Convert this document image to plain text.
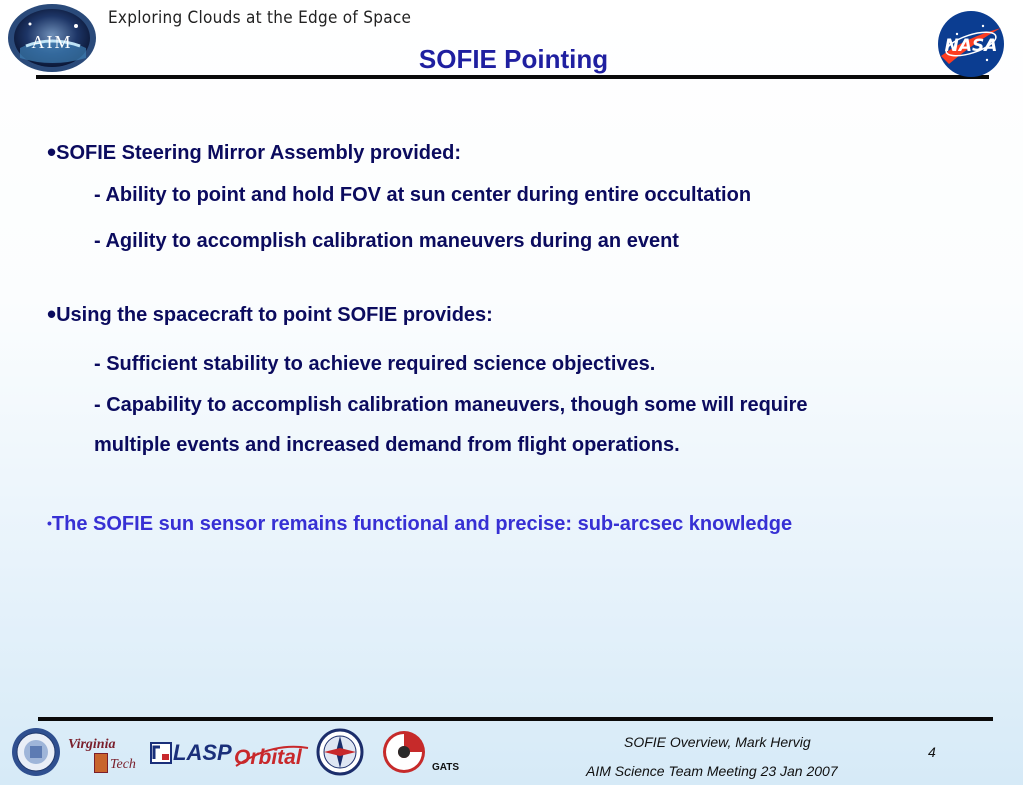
AIM
Exploring Clouds at the Edge of Space
SOFIE Pointing	NASA
•SOFIE Steering Mirror Assembly provided:
- Ability to point and hold FOV at sun center during entire occultation
- Agility to accomplish calibration maneuvers during an event
•Using the spacecraft to point SOFIE provides:
- Sufficient stability to achieve required science objectives.
- Capability to accomplish calibration maneuvers, though some will require
multiple events and increased demand from flight operations.
•The SOFIE sun sensor remains functional and precise: sub-arcsec knowledge
Virginia
Tech LASP Orbital	GATS
SOFIE Overview, Mark Hervig
AIM Science Team Meeting 23 Jan 2007
4
